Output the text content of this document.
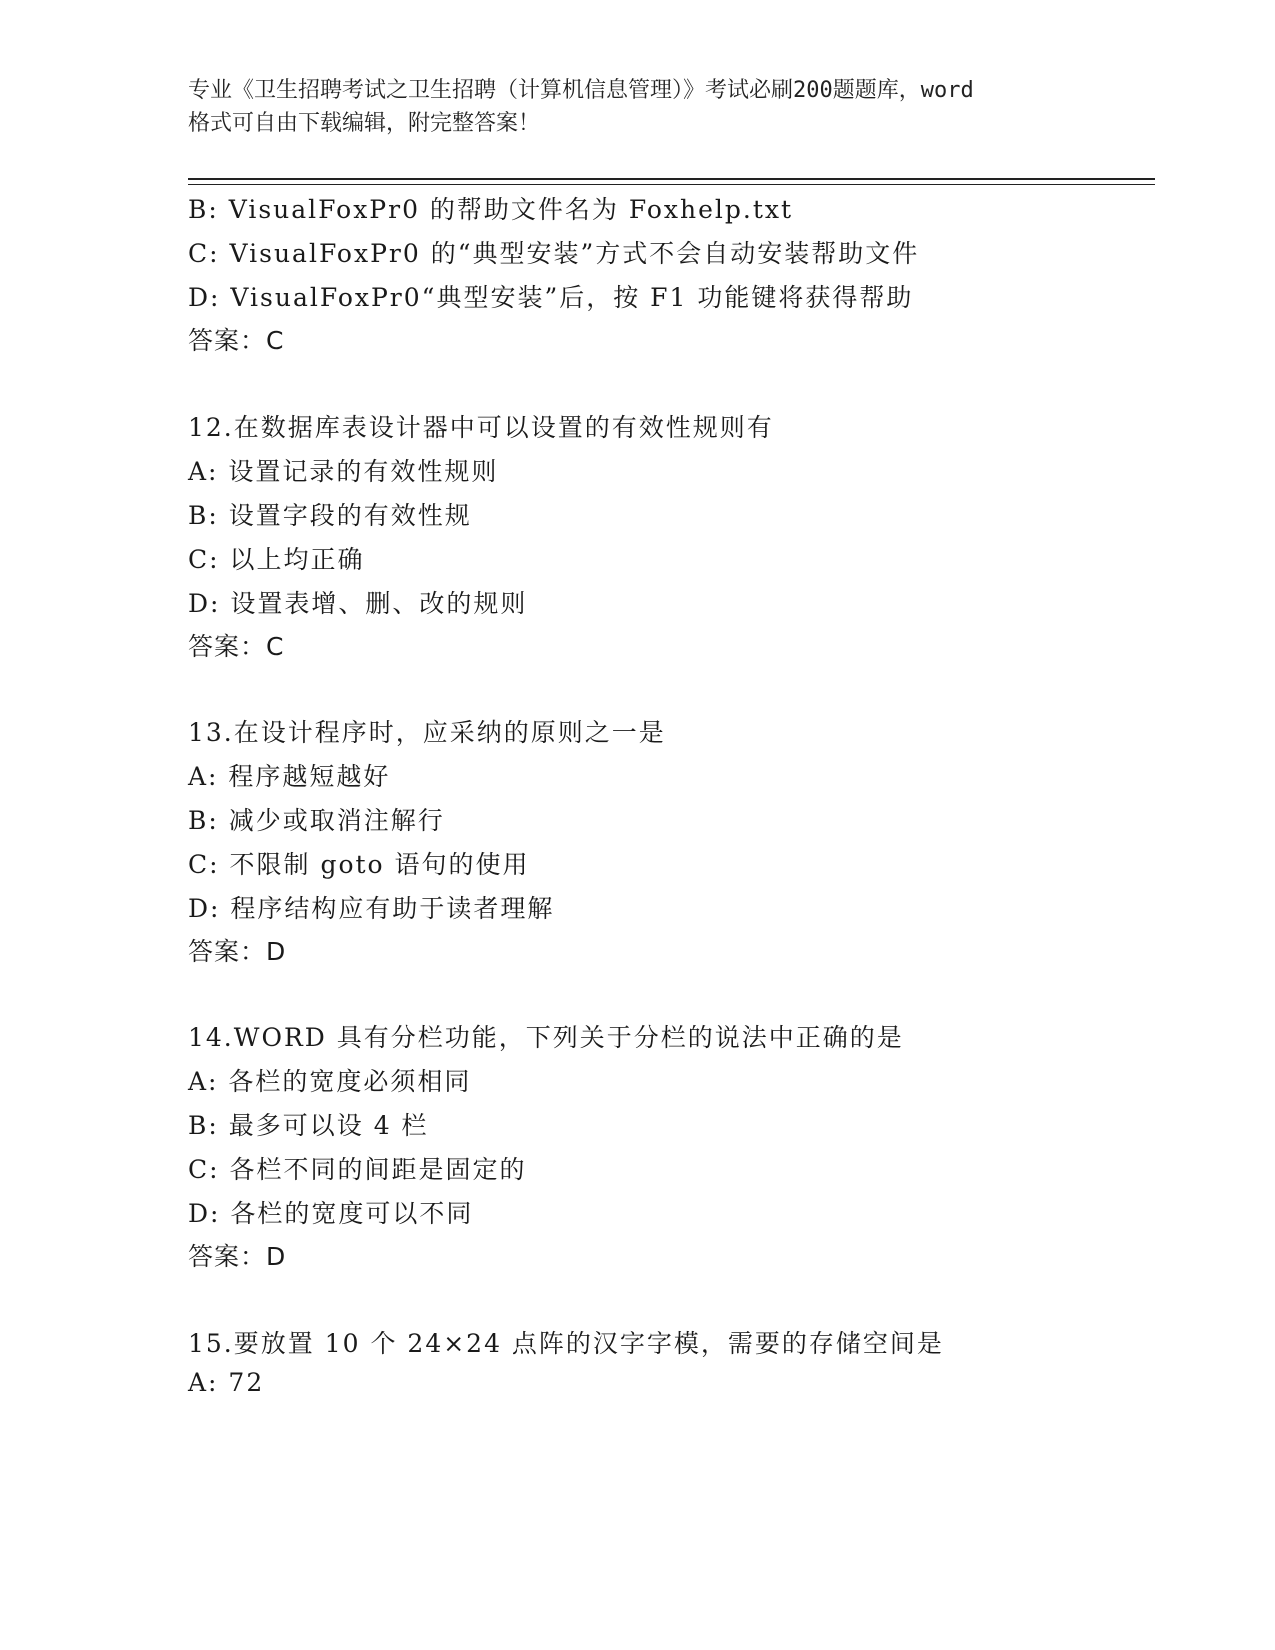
专业《卫生招聘考试之卫生招聘（计算机信息管理）》考试必刷200题题库，word
格式可自由下载编辑，附完整答案！
B: VisualFoxPr0 的帮助文件名为 Foxhelp.txt
C: VisualFoxPr0 的“典型安装”方式不会自动安装帮助文件
D: VisualFoxPr0“典型安装”后，按 F1 功能键将获得帮助
答案：C
12.在数据库表设计器中可以设置的有效性规则有
A: 设置记录的有效性规则
B: 设置字段的有效性规
C: 以上均正确
D: 设置表增、删、改的规则
答案：C
13.在设计程序时，应采纳的原则之一是
A: 程序越短越好
B: 减少或取消注解行
C: 不限制 goto 语句的使用
D: 程序结构应有助于读者理解
答案：D
14.WORD 具有分栏功能，下列关于分栏的说法中正确的是
A: 各栏的宽度必须相同
B: 最多可以设 4 栏
C: 各栏不同的间距是固定的
D: 各栏的宽度可以不同
答案：D
15.要放置 10 个 24×24 点阵的汉字字模，需要的存储空间是
A: 72
